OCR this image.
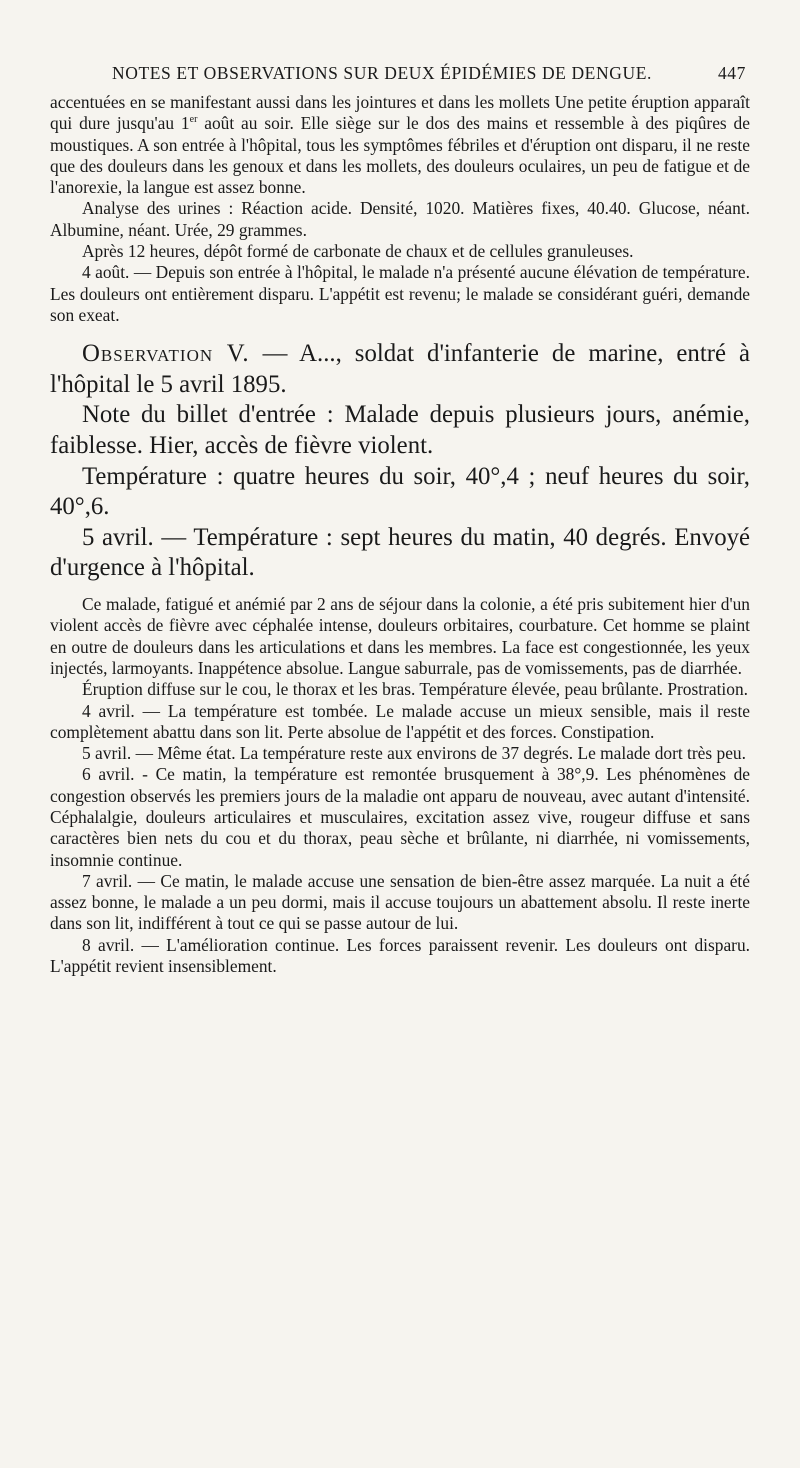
NOTES ET OBSERVATIONS SUR DEUX ÉPIDÉMIES DE DENGUE.	447

accentuées en se manifestant aussi dans les jointures et dans les mollets Une petite éruption apparaît qui dure jusqu'au 1er août au soir. Elle siège sur le dos des mains et ressemble à des piqûres de moustiques. A son entrée à l'hôpital, tous les symptômes fébriles et d'éruption ont disparu, il ne reste que des douleurs dans les genoux et dans les mollets, des douleurs oculaires, un peu de fatigue et de l'anorexie, la langue est assez bonne.

Analyse des urines : Réaction acide. Densité, 1020. Matières fixes, 40.40. Glucose, néant. Albumine, néant. Urée, 29 grammes.

Après 12 heures, dépôt formé de carbonate de chaux et de cellules granuleuses.

4 août. — Depuis son entrée à l'hôpital, le malade n'a présenté aucune élévation de température. Les douleurs ont entièrement disparu. L'appétit est revenu; le malade se considérant guéri, demande son exeat.

Observation V. — A..., soldat d'infanterie de marine, entré à l'hôpital le 5 avril 1895.

Note du billet d'entrée : Malade depuis plusieurs jours, anémie, faiblesse. Hier, accès de fièvre violent.

Température : quatre heures du soir, 40°,4 ; neuf heures du soir, 40°,6.

5 avril. — Température : sept heures du matin, 40 degrés. Envoyé d'urgence à l'hôpital.

Ce malade, fatigué et anémié par 2 ans de séjour dans la colonie, a été pris subitement hier d'un violent accès de fièvre avec céphalée intense, douleurs orbitaires, courbature. Cet homme se plaint en outre de douleurs dans les articulations et dans les membres. La face est congestionnée, les yeux injectés, larmoyants. Inappétence absolue. Langue saburrale, pas de vomissements, pas de diarrhée.

Éruption diffuse sur le cou, le thorax et les bras. Température élevée, peau brûlante. Prostration.

4 avril. — La température est tombée. Le malade accuse un mieux sensible, mais il reste complètement abattu dans son lit. Perte absolue de l'appétit et des forces. Constipation.

5 avril. — Même état. La température reste aux environs de 37 degrés. Le malade dort très peu.

6 avril. - Ce matin, la température est remontée brusquement à 38°,9. Les phénomènes de congestion observés les premiers jours de la maladie ont apparu de nouveau, avec autant d'intensité. Céphalalgie, douleurs articulaires et musculaires, excitation assez vive, rougeur diffuse et sans caractères bien nets du cou et du thorax, peau sèche et brûlante, ni diarrhée, ni vomissements, insomnie continue.

7 avril. — Ce matin, le malade accuse une sensation de bien-être assez marquée. La nuit a été assez bonne, le malade a un peu dormi, mais il accuse toujours un abattement absolu. Il reste inerte dans son lit, indifférent à tout ce qui se passe autour de lui.

8 avril. — L'amélioration continue. Les forces paraissent revenir. Les douleurs ont disparu. L'appétit revient insensiblement.
